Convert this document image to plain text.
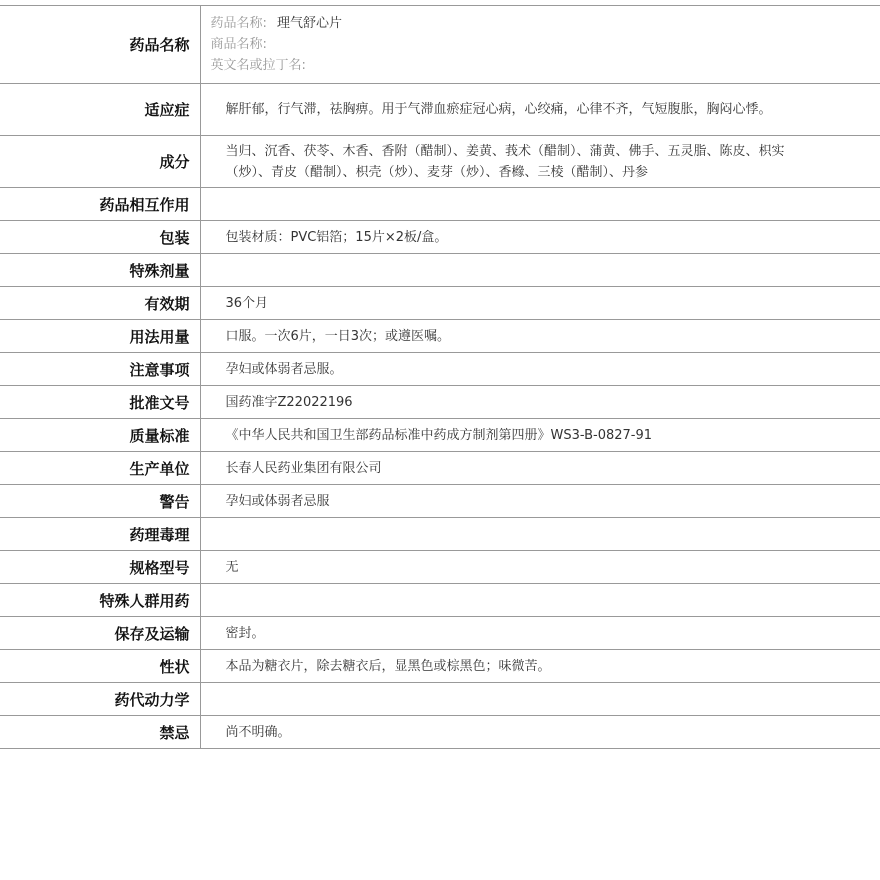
药品名称	药品名称: 理气舒心片
商品名称:
英文名或拉丁名:

适应症	解肝郁，行气滞，祛胸痹。用于气滞血瘀症冠心病，心绞痛，心律不齐，气短腹胀，胸闷心悸。
成分	当归、沉香、茯苓、木香、香附（醋制）、姜黄、莪术（醋制）、蒲黄、佛手、五灵脂、陈皮、枳实（炒）、青皮（醋制）、枳壳（炒）、麦芽（炒）、香橼、三棱（醋制）、丹参
药品相互作用	
包装	包装材质：PVC铝箔；15片×2板/盒。
特殊剂量	
有效期	36个月
用法用量	口服。一次6片，一日3次；或遵医嘱。
注意事项	孕妇或体弱者忌服。
批准文号	国药准字Z22022196
质量标准	《中华人民共和国卫生部药品标准中药成方制剂第四册》WS3-B-0827-91
生产单位	长春人民药业集团有限公司
警告	孕妇或体弱者忌服
药理毒理	
规格型号	无
特殊人群用药	
保存及运输	密封。
性状	本品为糖衣片，除去糖衣后，显黑色或棕黑色；味微苦。
药代动力学	
禁忌	尚不明确。
